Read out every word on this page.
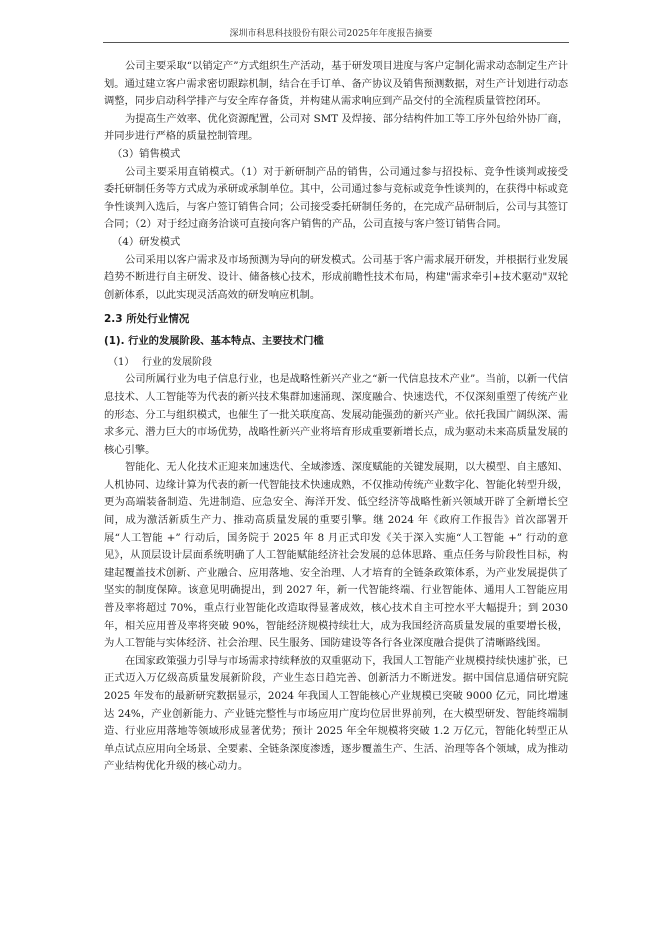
深圳市科思科技股份有限公司2025年年度报告摘要

公司主要采取“以销定产”方式组织生产活动，基于研发项目进度与客户定制化需求动态制定生产计划。通过建立客户需求密切跟踪机制，结合在手订单、备产协议及销售预测数据，对生产计划进行动态调整，同步启动科学排产与安全库存备货，并构建从需求响应到产品交付的全流程质量管控闭环。

为提高生产效率、优化资源配置，公司对 SMT 及焊接、部分结构件加工等工序外包给外协厂商，并同步进行严格的质量控制管理。

（3）销售模式

公司主要采用直销模式。（1）对于新研制产品的销售，公司通过参与招投标、竞争性谈判或接受委托研制任务等方式成为承研或承制单位。其中，公司通过参与竞标或竞争性谈判的，在获得中标或竞争性谈判入选后，与客户签订销售合同；公司接受委托研制任务的，在完成产品研制后，公司与其签订合同；（2）对于经过商务洽谈可直接向客户销售的产品，公司直接与客户签订销售合同。

（4）研发模式

公司采用以客户需求及市场预测为导向的研发模式。公司基于客户需求展开研发，并根据行业发展趋势不断进行自主研发、设计、储备核心技术，形成前瞻性技术布局，构建"需求牵引+技术驱动"双轮创新体系，以此实现灵活高效的研发响应机制。

2.3 所处行业情况
(1). 行业的发展阶段、基本特点、主要技术门槛
（1） 行业的发展阶段

公司所属行业为电子信息行业，也是战略性新兴产业之“新一代信息技术产业”。当前，以新一代信息技术、人工智能等为代表的新兴技术集群加速涌现、深度融合、快速迭代，不仅深刻重塑了传统产业的形态、分工与组织模式，也催生了一批关联度高、发展动能强劲的新兴产业。依托我国广阔纵深、需求多元、潜力巨大的市场优势，战略性新兴产业将培育形成重要新增长点，成为驱动未来高质量发展的核心引擎。

智能化、无人化技术正迎来加速迭代、全域渗透、深度赋能的关键发展期，以大模型、自主感知、人机协同、边缘计算为代表的新一代智能技术快速成熟，不仅推动传统产业数字化、智能化转型升级，更为高端装备制造、先进制造、应急安全、海洋开发、低空经济等战略性新兴领域开辟了全新增长空间，成为激活新质生产力、推动高质量发展的重要引擎。继 2024 年《政府工作报告》首次部署开展“人工智能 +” 行动后，国务院于 2025 年 8 月正式印发《关于深入实施“人工智能 +” 行动的意见》，从顶层设计层面系统明确了人工智能赋能经济社会发展的总体思路、重点任务与阶段性目标，构建起覆盖技术创新、产业融合、应用落地、安全治理、人才培育的全链条政策体系，为产业发展提供了坚实的制度保障。该意见明确提出，到 2027 年，新一代智能终端、行业智能体、通用人工智能应用普及率将超过 70%，重点行业智能化改造取得显著成效，核心技术自主可控水平大幅提升；到 2030 年，相关应用普及率将突破 90%，智能经济规模持续壮大，成为我国经济高质量发展的重要增长极，为人工智能与实体经济、社会治理、民生服务、国防建设等各行各业深度融合提供了清晰路线图。

在国家政策强力引导与市场需求持续释放的双重驱动下，我国人工智能产业规模持续快速扩张，已正式迈入万亿级高质量发展新阶段，产业生态日趋完善、创新活力不断迸发。据中国信息通信研究院 2025 年发布的最新研究数据显示，2024 年我国人工智能核心产业规模已突破 9000 亿元，同比增速达 24%，产业创新能力、产业链完整性与市场应用广度均位居世界前列，在大模型研发、智能终端制造、行业应用落地等领域形成显著优势；预计 2025 年全年规模将突破 1.2 万亿元，智能化转型正从单点试点应用向全场景、全要素、全链条深度渗透，逐步覆盖生产、生活、治理等各个领域，成为推动产业结构优化升级的核心动力。
